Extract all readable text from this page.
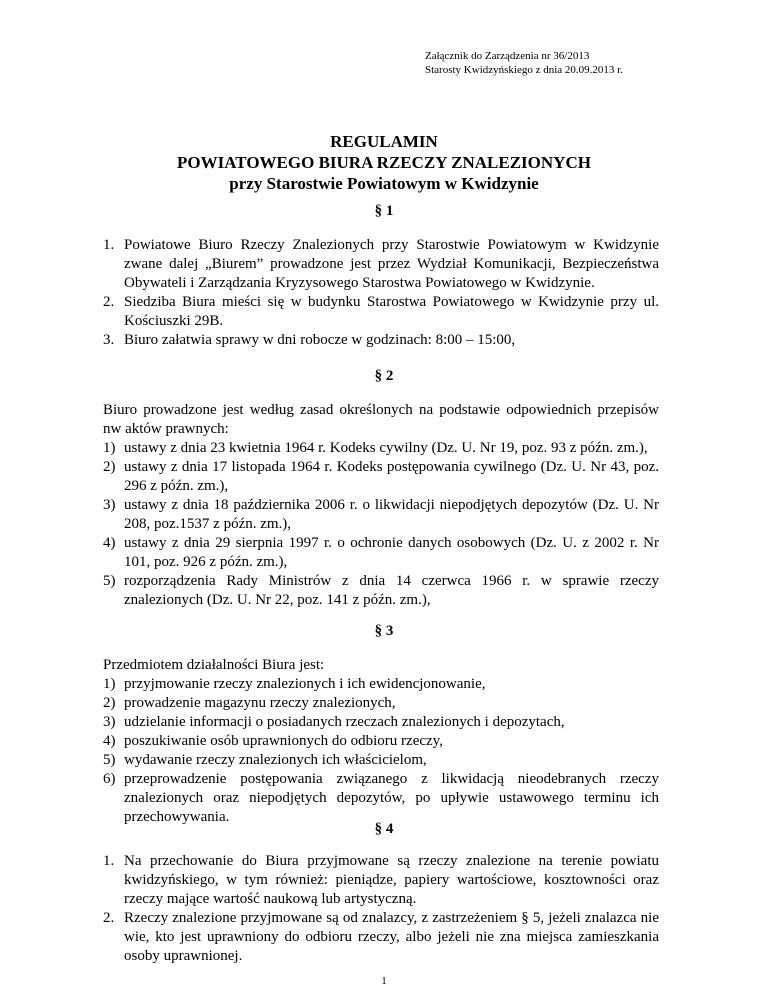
Załącznik do Zarządzenia nr 36/2013
Starosty Kwidzyńskiego z dnia 20.09.2013 r.
REGULAMIN
POWIATOWEGO BIURA RZECZY ZNALEZIONYCH
przy Starostwie Powiatowym w Kwidzynie
§ 1
1. Powiatowe Biuro Rzeczy Znalezionych przy Starostwie Powiatowym w Kwidzynie zwane dalej „Biurem” prowadzone jest przez Wydział Komunikacji, Bezpieczeństwa Obywateli i Zarządzania Kryzysowego Starostwa Powiatowego w Kwidzynie.
2. Siedziba Biura mieści się w budynku Starostwa Powiatowego w Kwidzynie przy ul. Kościuszki 29B.
3. Biuro załatwia sprawy w dni robocze w godzinach: 8:00 – 15:00,
§ 2

Biuro prowadzone jest według zasad określonych na podstawie odpowiednich przepisów nw aktów prawnych:

1) ustawy z dnia 23 kwietnia 1964 r. Kodeks cywilny (Dz. U. Nr 19, poz. 93 z późn. zm.),
2) ustawy z dnia 17 listopada 1964 r. Kodeks postępowania cywilnego (Dz. U. Nr 43, poz. 296 z późn. zm.),
3) ustawy z dnia 18 października 2006 r. o likwidacji niepodjętych depozytów (Dz. U. Nr 208, poz.1537 z późn. zm.),
4) ustawy z dnia 29 sierpnia 1997 r. o ochronie danych osobowych (Dz. U. z 2002 r. Nr 101, poz. 926 z późn. zm.),
5) rozporządzenia Rady Ministrów z dnia 14 czerwca 1966 r. w sprawie rzeczy znalezionych (Dz. U. Nr 22, poz. 141 z późn. zm.),
§ 3

Przedmiotem działalności Biura jest:

1) przyjmowanie rzeczy znalezionych i ich ewidencjonowanie,
2) prowadzenie magazynu rzeczy znalezionych,
3) udzielanie informacji o posiadanych rzeczach znalezionych i depozytach,
4) poszukiwanie osób uprawnionych do odbioru rzeczy,
5) wydawanie rzeczy znalezionych ich właścicielom,
6) przeprowadzenie postępowania związanego z likwidacją nieodebranych rzeczy znalezionych oraz niepodjętych depozytów, po upływie ustawowego terminu ich przechowywania.
§ 4
1. Na przechowanie do Biura przyjmowane są rzeczy znalezione na terenie powiatu kwidzyńskiego, w tym również: pieniądze, papiery wartościowe, kosztowności oraz rzeczy mające wartość naukową lub artystyczną.
2. Rzeczy znalezione przyjmowane są od znalazcy, z zastrzeżeniem § 5, jeżeli znalazca nie wie, kto jest uprawniony do odbioru rzeczy, albo jeżeli nie zna miejsca zamieszkania osoby uprawnionej.
1
